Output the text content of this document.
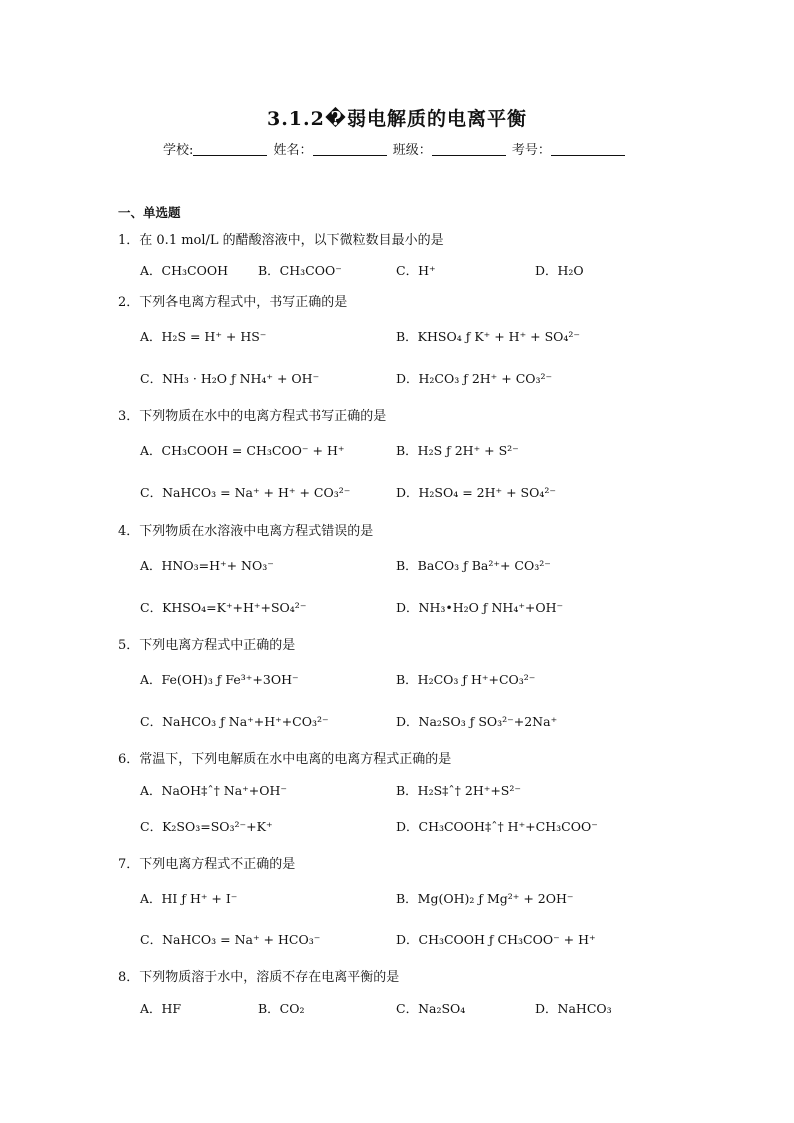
3.1.2�弱电解质的电离平衡
学校:	姓名：	班级：	考号：
一、单选题
1．在 0.1 mol/L 的醋酸溶液中，以下微粒数目最小的是
A．CH₃COOH B．CH₃COO⁻	C．H⁺	D．H₂O
2．下列各电离方程式中，书写正确的是
A．H₂S = H⁺ + HS⁻	B．KHSO₄ ƒ K⁺ + H⁺ + SO₄²⁻
C．NH₃ · H₂O ƒ NH₄⁺ + OH⁻	D．H₂CO₃ ƒ 2H⁺ + CO₃²⁻
3．下列物质在水中的电离方程式书写正确的是
A．CH₃COOH = CH₃COO⁻ + H⁺	B．H₂S ƒ 2H⁺ + S²⁻
C．NaHCO₃ = Na⁺ + H⁺ + CO₃²⁻	D．H₂SO₄ = 2H⁺ + SO₄²⁻
4．下列物质在水溶液中电离方程式错误的是
A．HNO₃=H⁺+ NO₃⁻	B．BaCO₃ ƒ Ba²⁺+ CO₃²⁻
C．KHSO₄=K⁺+H⁺+SO₄²⁻	D．NH₃•H₂O ƒ NH₄⁺+OH⁻
5．下列电离方程式中正确的是
A．Fe(OH)₃ ƒ Fe³⁺+3OH⁻	B．H₂CO₃ ƒ H⁺+CO₃²⁻
C．NaHCO₃ ƒ Na⁺+H⁺+CO₃²⁻	D．Na₂SO₃ ƒ SO₃²⁻+2Na⁺
6．常温下，下列电解质在水中电离的电离方程式正确的是
A．NaOH‡ˆ† Na⁺+OH⁻	B．H₂S‡ˆ† 2H⁺+S²⁻
C．K₂SO₃=SO₃²⁻+K⁺	D．CH₃COOH‡ˆ† H⁺+CH₃COO⁻
7．下列电离方程式不正确的是
A．HI ƒ H⁺ + I⁻	B．Mg(OH)₂ ƒ Mg²⁺ + 2OH⁻
C．NaHCO₃ = Na⁺ + HCO₃⁻	D．CH₃COOH ƒ CH₃COO⁻ + H⁺
8．下列物质溶于水中，溶质不存在电离平衡的是
A．HF	B．CO₂	C．Na₂SO₄	D．NaHCO₃
